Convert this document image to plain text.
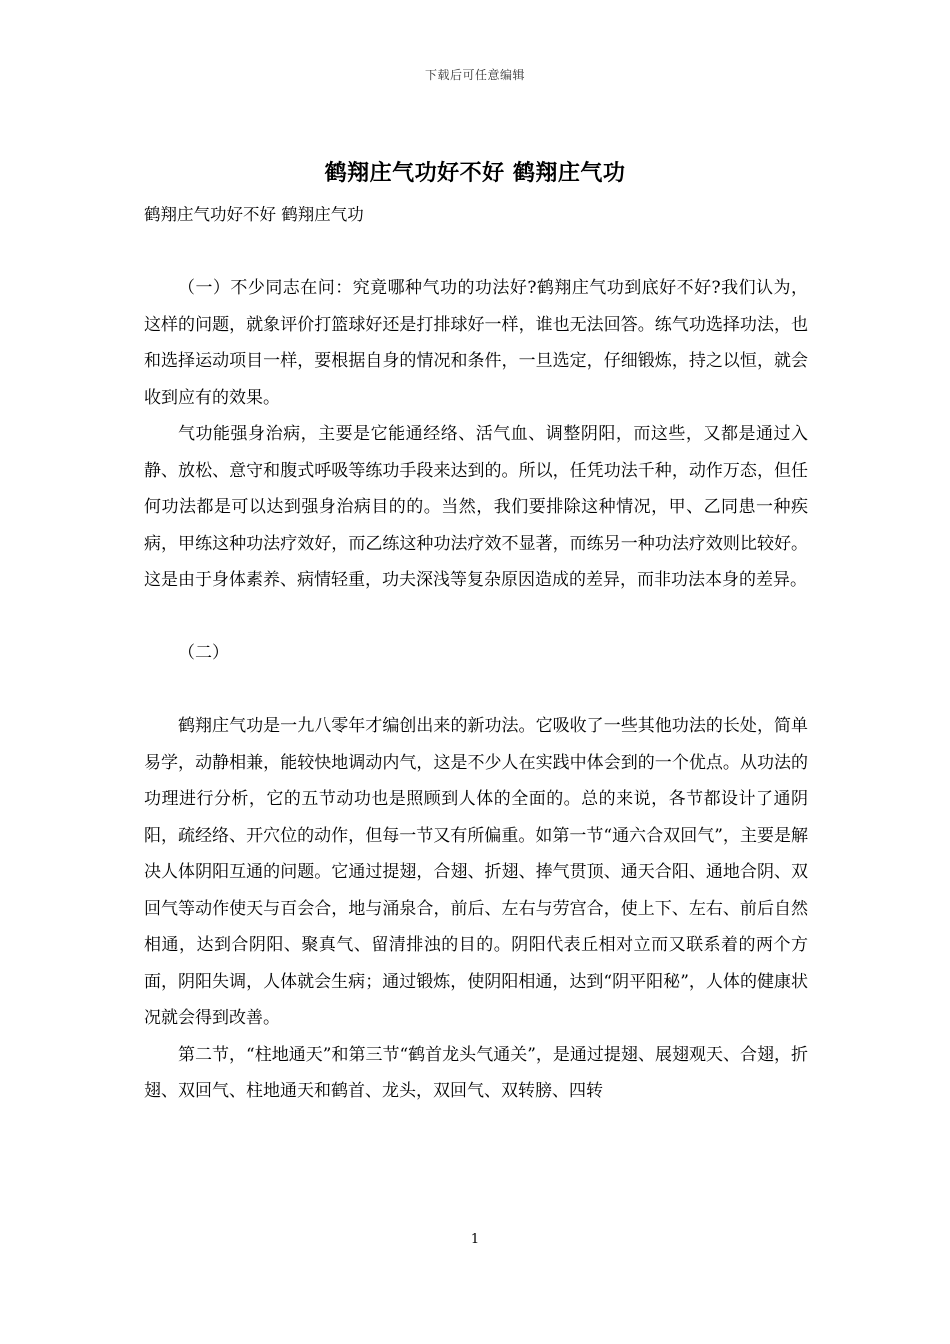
下载后可任意编辑
鹤翔庄气功好不好 鹤翔庄气功
鹤翔庄气功好不好 鹤翔庄气功

（一）不少同志在问：究竟哪种气功的功法好?鹤翔庄气功到底好不好?我们认为，这样的问题，就象评价打篮球好还是打排球好一样，谁也无法回答。练气功选择功法，也和选择运动项目一样，要根据自身的情况和条件，一旦选定，仔细锻炼，持之以恒，就会收到应有的效果。

气功能强身治病，主要是它能通经络、活气血、调整阴阳，而这些，又都是通过入静、放松、意守和腹式呼吸等练功手段来达到的。所以，任凭功法千种，动作万态，但任何功法都是可以达到强身治病目的的。当然，我们要排除这种情况，甲、乙同患一种疾病，甲练这种功法疗效好，而乙练这种功法疗效不显著，而练另一种功法疗效则比较好。这是由于身体素养、病情轻重，功夫深浅等复杂原因造成的差异，而非功法本身的差异。

（二）

鹤翔庄气功是一九八零年才编创出来的新功法。它吸收了一些其他功法的长处，简单易学，动静相兼，能较快地调动内气，这是不少人在实践中体会到的一个优点。从功法的功理进行分析，它的五节动功也是照顾到人体的全面的。总的来说，各节都设计了通阴阳，疏经络、开穴位的动作，但每一节又有所偏重。如第一节“通六合双回气”，主要是解决人体阴阳互通的问题。它通过提翅，合翅、折翅、捧气贯顶、通天合阳、通地合阴、双回气等动作使天与百会合，地与涌泉合，前后、左右与劳宫合，使上下、左右、前后自然相通，达到合阴阳、聚真气、留清排浊的目的。阴阳代表丘相对立而又联系着的两个方面，阴阳失调，人体就会生病；通过锻炼，使阴阳相通，达到“阴平阳秘”，人体的健康状况就会得到改善。

第二节，“柱地通天”和第三节“鹤首龙头气通关”，是通过提翅、展翅观天、合翅，折翅、双回气、柱地通天和鹤首、龙头，双回气、双转膀、四转

1
